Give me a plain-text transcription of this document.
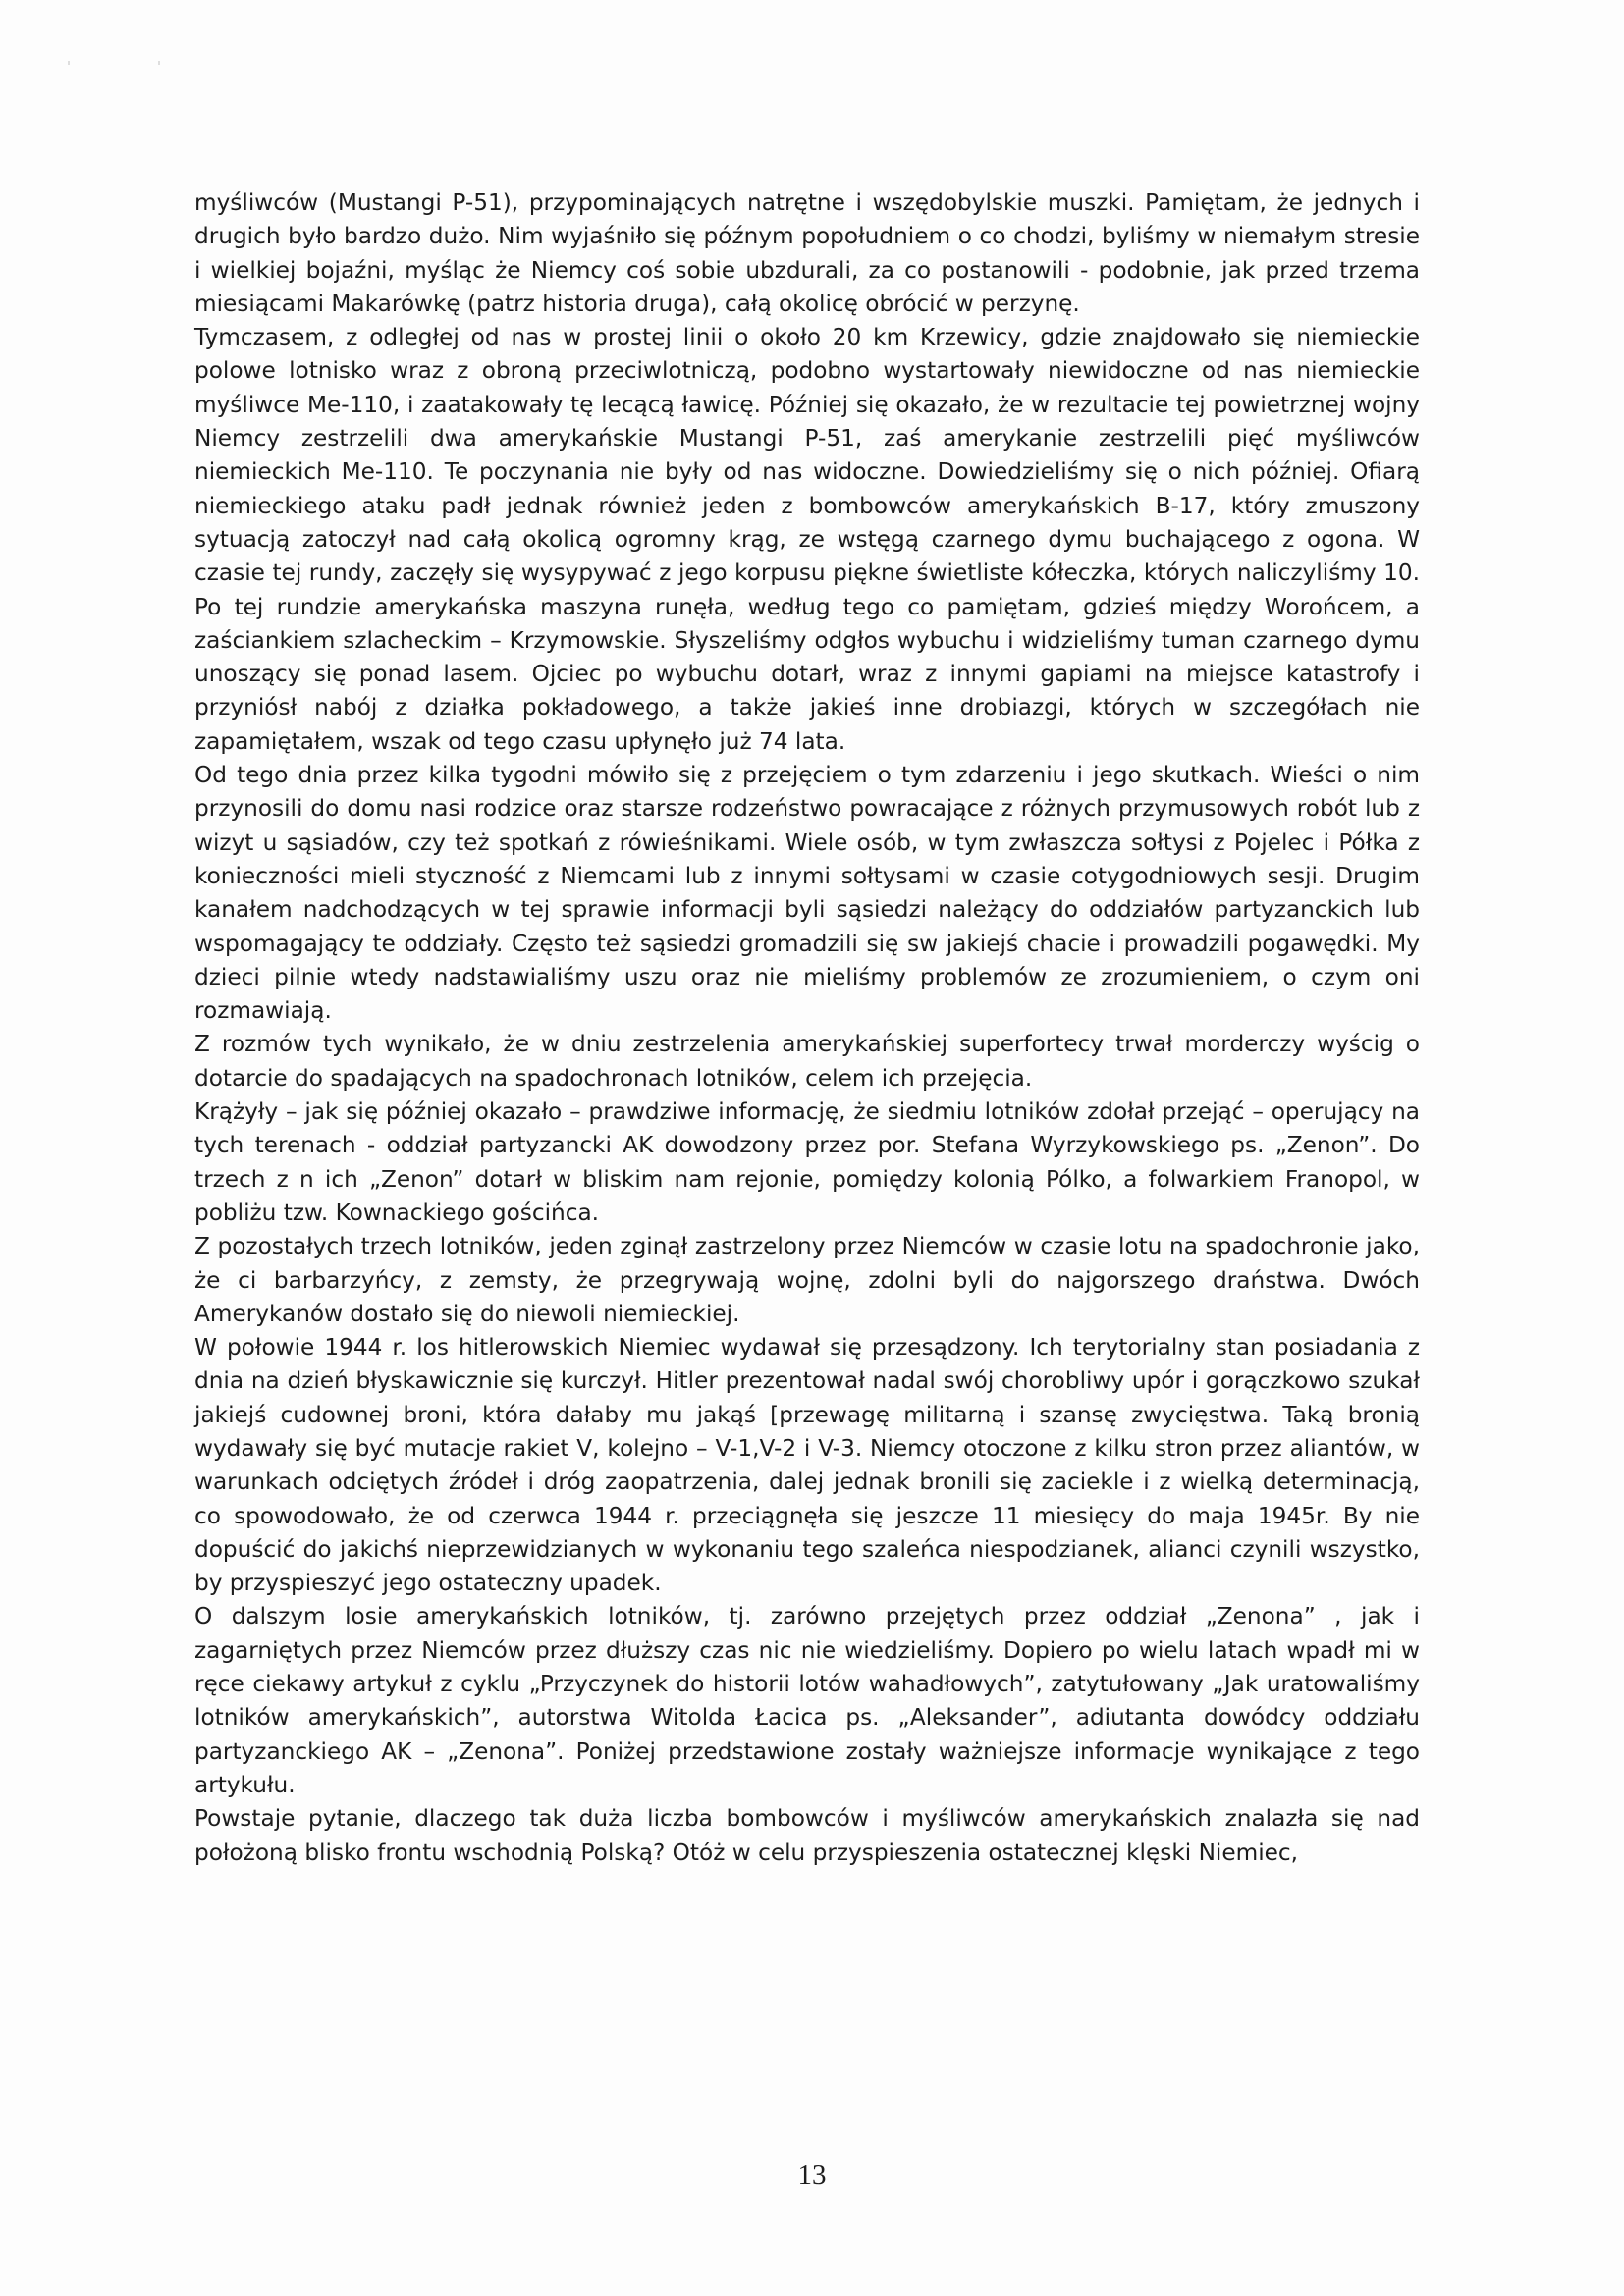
myśliwców (Mustangi P-51), przypominających natrętne i wszędobylskie muszki. Pamiętam, że jednych i drugich było bardzo dużo. Nim wyjaśniło się późnym popołudniem o co chodzi, byliśmy w niemałym stresie i wielkiej bojaźni, myśląc że Niemcy coś sobie ubzdurali, za co postanowili - podobnie, jak przed trzema miesiącami Makarówkę (patrz historia druga), całą okolicę obrócić w perzynę.

Tymczasem, z odległej od nas w prostej linii o około 20 km Krzewicy, gdzie znajdowało się niemieckie polowe lotnisko wraz z obroną przeciwlotniczą, podobno wystartowały niewidoczne od nas niemieckie myśliwce Me-110, i zaatakowały tę lecącą ławicę. Później się okazało, że w rezultacie tej powietrznej wojny Niemcy zestrzelili dwa amerykańskie Mustangi P-51, zaś amerykanie zestrzelili pięć myśliwców niemieckich Me-110. Te poczynania nie były od nas widoczne. Dowiedzieliśmy się o nich później. Ofiarą niemieckiego ataku padł jednak również jeden z bombowców amerykańskich B-17, który zmuszony sytuacją zatoczył nad całą okolicą ogromny krąg, ze wstęgą czarnego dymu buchającego z ogona. W czasie tej rundy, zaczęły się wysypywać z jego korpusu piękne świetliste kółeczka, których naliczyliśmy 10. Po tej rundzie amerykańska maszyna runęła, według tego co pamiętam, gdzieś między Worońcem, a zaściankiem szlacheckim – Krzymowskie. Słyszeliśmy odgłos wybuchu i widzieliśmy tuman czarnego dymu unoszący się ponad lasem. Ojciec po wybuchu dotarł, wraz z innymi gapiami na miejsce katastrofy i przyniósł nabój z działka pokładowego, a także jakieś inne drobiazgi, których w szczegółach nie zapamiętałem, wszak od tego czasu upłynęło już 74 lata.

Od tego dnia przez kilka tygodni mówiło się z przejęciem o tym zdarzeniu i jego skutkach. Wieści o nim przynosili do domu nasi rodzice oraz starsze rodzeństwo powracające z różnych przymusowych robót lub z wizyt u sąsiadów, czy też spotkań z rówieśnikami. Wiele osób, w tym zwłaszcza sołtysi z Pojelec i Półka z konieczności mieli styczność z Niemcami lub z innymi sołtysami w czasie cotygodniowych sesji. Drugim kanałem nadchodzących w tej sprawie informacji byli sąsiedzi należący do oddziałów partyzanckich lub wspomagający te oddziały. Często też sąsiedzi gromadzili się sw jakiejś chacie i prowadzili pogawędki. My dzieci pilnie wtedy nadstawialiśmy uszu oraz nie mieliśmy problemów ze zrozumieniem, o czym oni rozmawiają.

Z rozmów tych wynikało, że w dniu zestrzelenia amerykańskiej superfortecy trwał morderczy wyścig o dotarcie do spadających na spadochronach lotników, celem ich przejęcia.

Krążyły – jak się później okazało – prawdziwe informację, że siedmiu lotników zdołał przejąć – operujący na tych terenach - oddział partyzancki AK dowodzony przez por. Stefana Wyrzykowskiego ps. „Zenon”. Do trzech z n ich „Zenon” dotarł w bliskim nam rejonie, pomiędzy kolonią Pólko, a folwarkiem Franopol, w pobliżu tzw. Kownackiego gościńca.

Z pozostałych trzech lotników, jeden zginął zastrzelony przez Niemców w czasie lotu na spadochronie jako, że ci barbarzyńcy, z zemsty, że przegrywają wojnę, zdolni byli do najgorszego draństwa. Dwóch Amerykanów dostało się do niewoli niemieckiej.

W połowie 1944 r. los hitlerowskich Niemiec wydawał się przesądzony. Ich terytorialny stan posiadania z dnia na dzień błyskawicznie się kurczył. Hitler prezentował nadal swój chorobliwy upór i gorączkowo szukał jakiejś cudownej broni, która dałaby mu jakąś [przewagę militarną i szansę zwycięstwa. Taką bronią wydawały się być mutacje rakiet V, kolejno – V-1,V-2 i V-3. Niemcy otoczone z kilku stron przez aliantów, w warunkach odciętych źródeł i dróg zaopatrzenia, dalej jednak bronili się zaciekle i z wielką determinacją, co spowodowało, że od czerwca 1944 r. przeciągnęła się jeszcze 11 miesięcy do maja 1945r. By nie dopuścić do jakichś nieprzewidzianych w wykonaniu tego szaleńca niespodzianek, alianci czynili wszystko, by przyspieszyć jego ostateczny upadek.

O dalszym losie amerykańskich lotników, tj. zarówno przejętych przez oddział „Zenona” , jak i zagarniętych przez Niemców przez dłuższy czas nic nie wiedzieliśmy. Dopiero po wielu latach wpadł mi w ręce ciekawy artykuł z cyklu „Przyczynek do historii lotów wahadłowych”, zatytułowany „Jak uratowaliśmy lotników amerykańskich”, autorstwa Witolda Łacica ps. „Aleksander”, adiutanta dowódcy oddziału partyzanckiego AK – „Zenona”. Poniżej przedstawione zostały ważniejsze informacje wynikające z tego artykułu.

Powstaje pytanie, dlaczego tak duża liczba bombowców i myśliwców amerykańskich znalazła się nad położoną blisko frontu wschodnią Polską? Otóż w celu przyspieszenia ostatecznej klęski Niemiec,

13
